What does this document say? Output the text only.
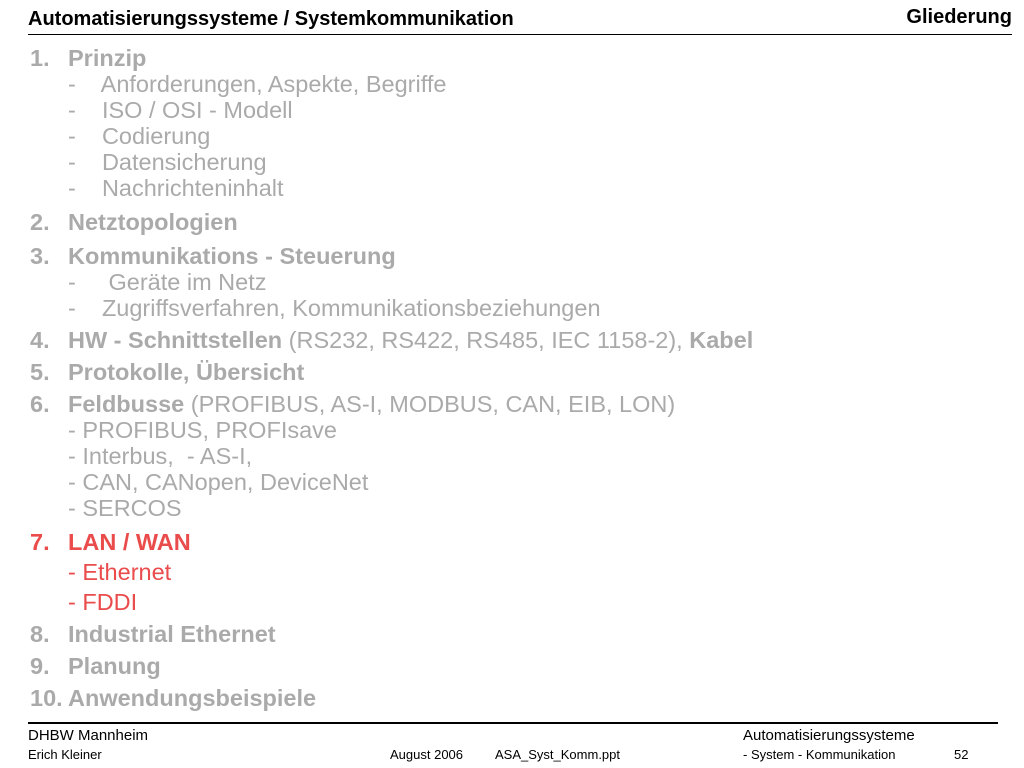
Automatisierungssysteme / Systemkommunikation	Gliederung
1. Prinzip
-    Anforderungen, Aspekte, Begriffe
-    ISO / OSI - Modell
-    Codierung
-    Datensicherung
-    Nachrichteninhalt
2. Netztopologien
3. Kommunikations - Steuerung
-     Geräte im Netz
-    Zugriffsverfahren, Kommunikationsbeziehungen
4. HW - Schnittstellen (RS232, RS422, RS485, IEC 1158-2), Kabel
5. Protokolle, Übersicht
6. Feldbusse (PROFIBUS, AS-I, MODBUS, CAN, EIB, LON)
- PROFIBUS, PROFIsave
- Interbus,  - AS-I,
- CAN, CANopen, DeviceNet
- SERCOS
7. LAN / WAN
- Ethernet
- FDDI
8. Industrial Ethernet
9. Planung
10. Anwendungsbeispiele
DHBW Mannheim
Erich Kleiner	August 2006 ASA_Syst_Komm.ppt
Automatisierungssysteme
- System - Kommunikation	52
